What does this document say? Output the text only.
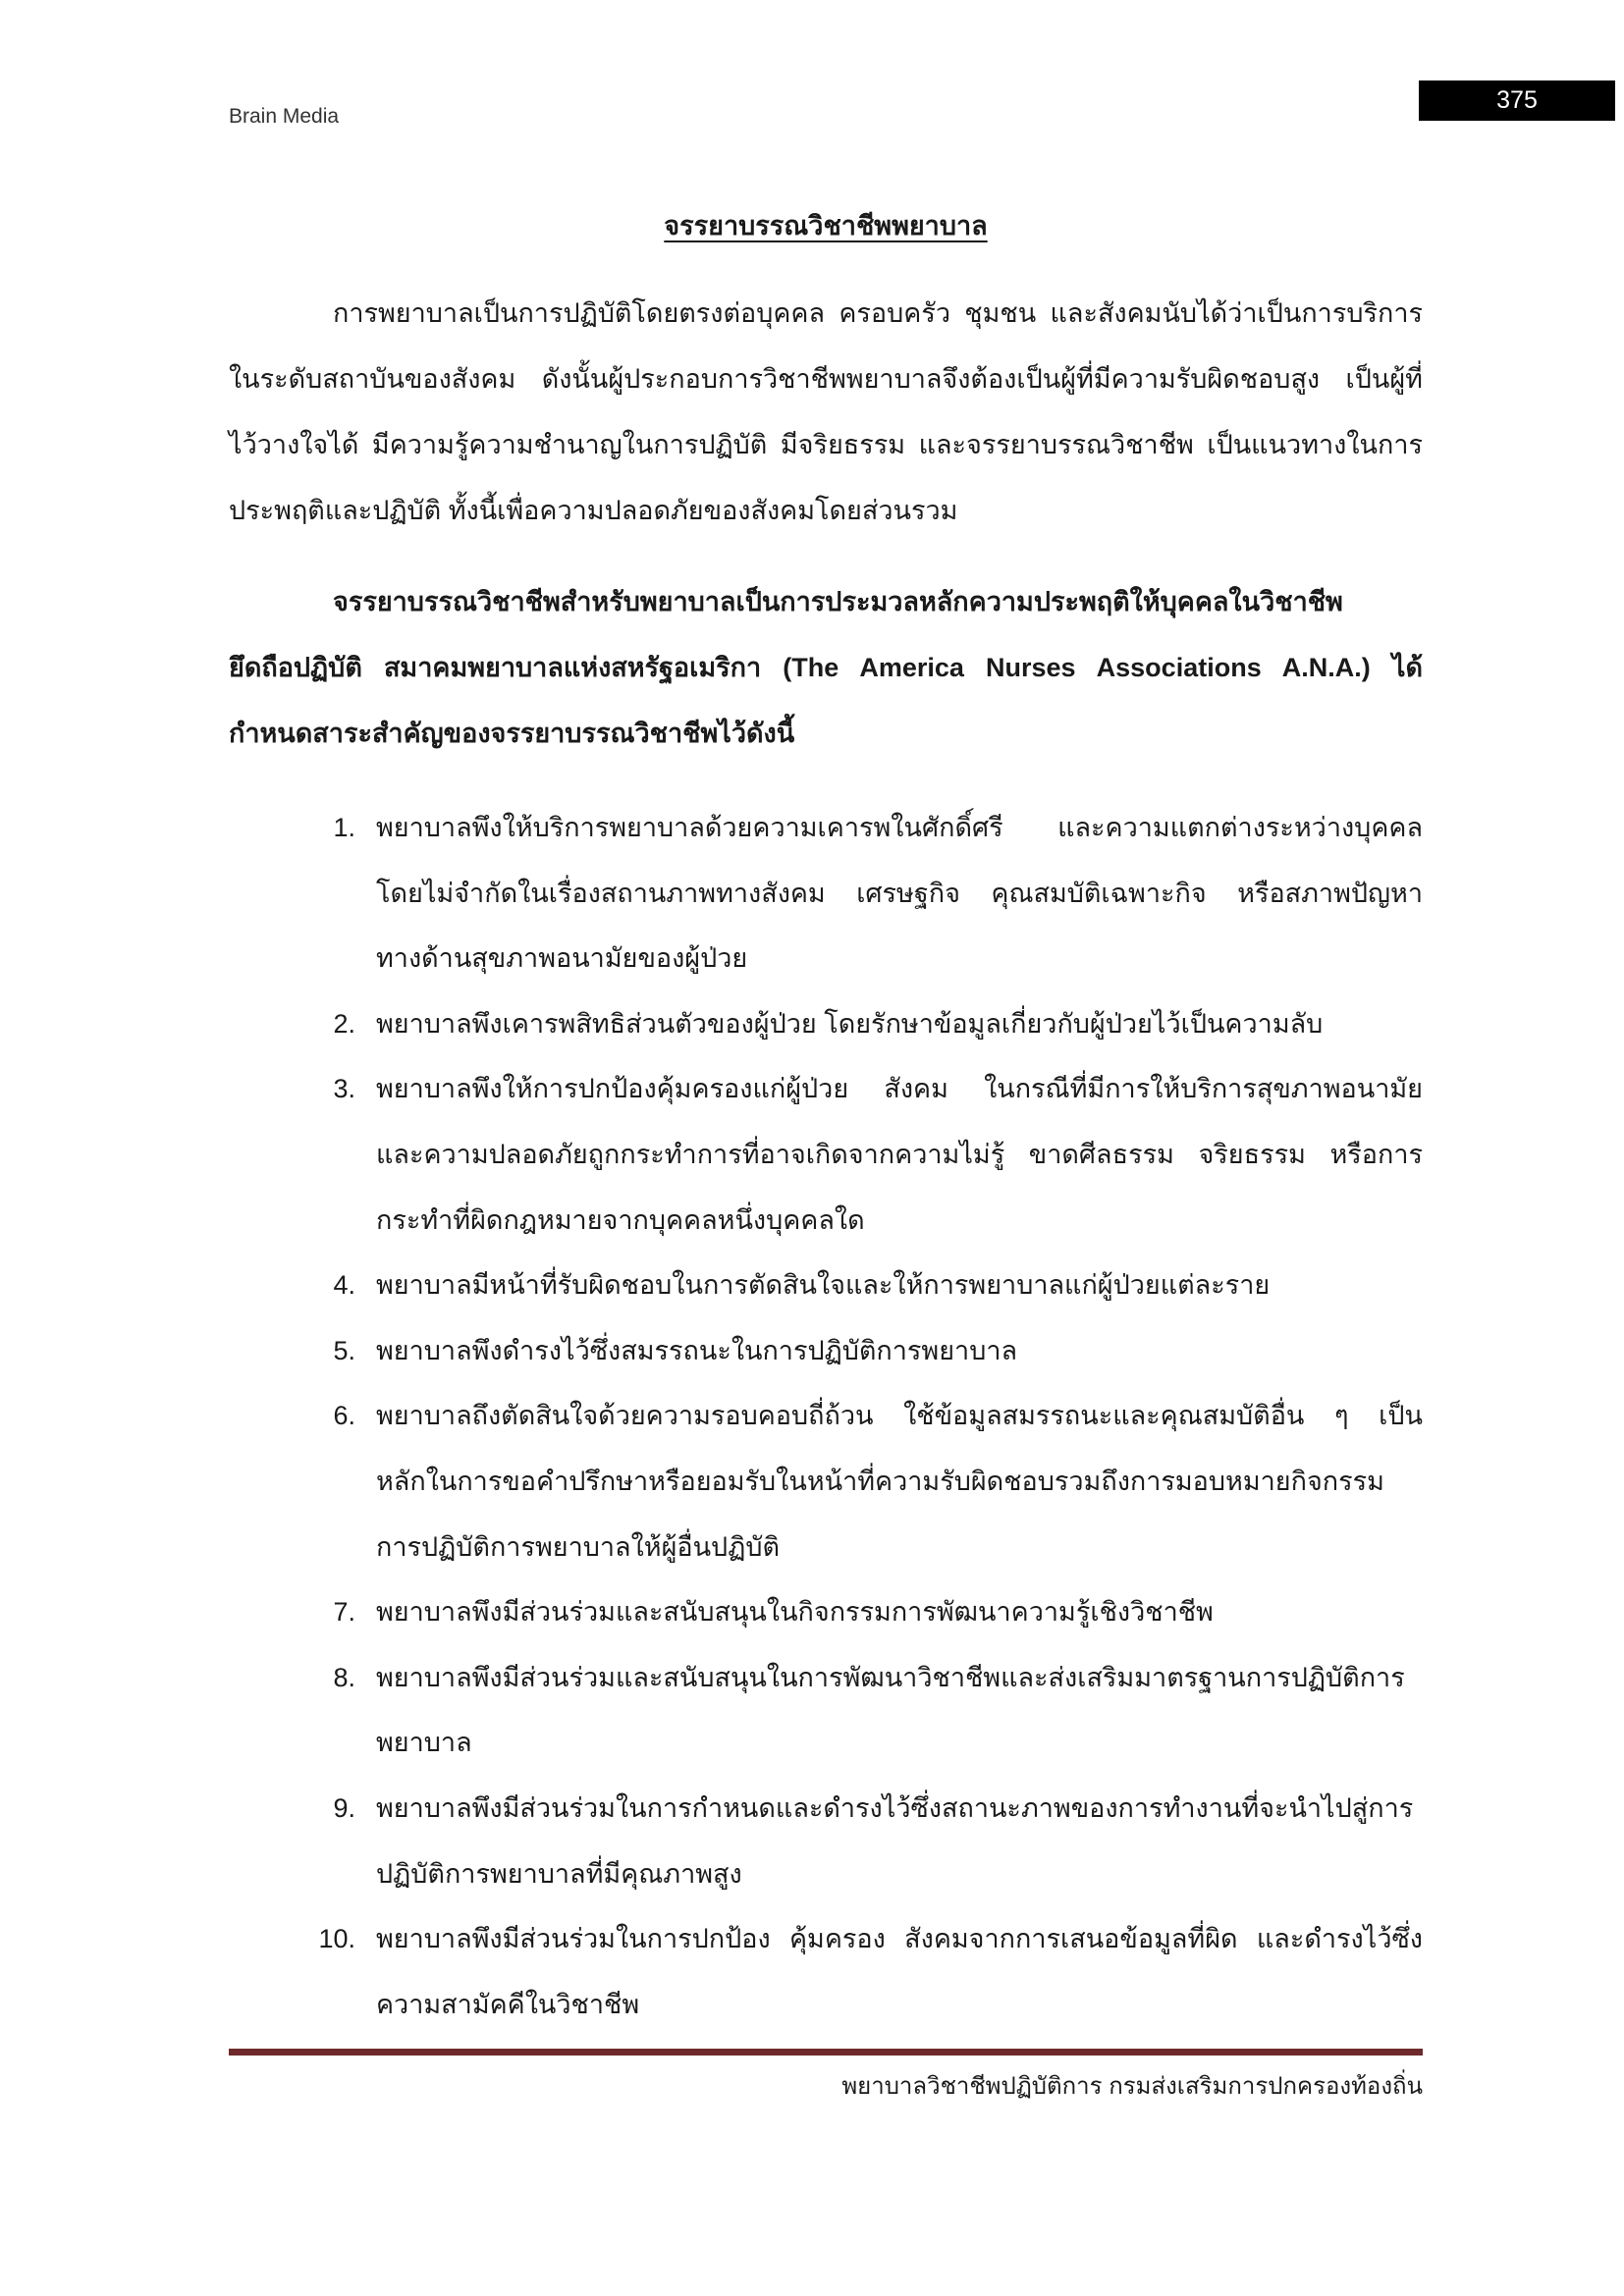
Brain Media
375
จรรยาบรรณวิชาชีพพยาบาล
การพยาบาลเป็นการปฏิบัติโดยตรงต่อบุคคล ครอบครัว ชุมชน และสังคมนับได้ว่าเป็นการบริการ
ในระดับสถาบันของสังคม ดังนั้นผู้ประกอบการวิชาชีพพยาบาลจึงต้องเป็นผู้ที่มีความรับผิดชอบสูง เป็นผู้ที่
ไว้วางใจได้ มีความรู้ความชำนาญในการปฏิบัติ มีจริยธรรม และจรรยาบรรณวิชาชีพ เป็นแนวทางในการ
ประพฤติและปฏิบัติ ทั้งนี้เพื่อความปลอดภัยของสังคมโดยส่วนรวม
จรรยาบรรณวิชาชีพสำหรับพยาบาลเป็นการประมวลหลักความประพฤติให้บุคคลในวิชาชีพ
ยึดถือปฏิบัติ สมาคมพยาบาลแห่งสหรัฐอเมริกา (The America Nurses Associations A.N.A.) ได้
กำหนดสาระสำคัญของจรรยาบรรณวิชาชีพไว้ดังนี้
1. พยาบาลพึงให้บริการพยาบาลด้วยความเคารพในศักดิ์ศรี และความแตกต่างระหว่างบุคคล
โดยไม่จำกัดในเรื่องสถานภาพทางสังคม เศรษฐกิจ คุณสมบัติเฉพาะกิจ หรือสภาพปัญหา
ทางด้านสุขภาพอนามัยของผู้ป่วย
2. พยาบาลพึงเคารพสิทธิส่วนตัวของผู้ป่วย โดยรักษาข้อมูลเกี่ยวกับผู้ป่วยไว้เป็นความลับ
3. พยาบาลพึงให้การปกป้องคุ้มครองแก่ผู้ป่วย สังคม ในกรณีที่มีการให้บริการสุขภาพอนามัย
และความปลอดภัยถูกกระทำการที่อาจเกิดจากความไม่รู้ ขาดศีลธรรม จริยธรรม หรือการ
กระทำที่ผิดกฎหมายจากบุคคลหนึ่งบุคคลใด
4. พยาบาลมีหน้าที่รับผิดชอบในการตัดสินใจและให้การพยาบาลแก่ผู้ป่วยแต่ละราย
5. พยาบาลพึงดำรงไว้ซึ่งสมรรถนะในการปฏิบัติการพยาบาล
6. พยาบาลถึงตัดสินใจด้วยความรอบคอบถี่ถ้วน ใช้ข้อมูลสมรรถนะและคุณสมบัติอื่น ๆ เป็น
หลักในการขอคำปรึกษาหรือยอมรับในหน้าที่ความรับผิดชอบรวมถึงการมอบหมายกิจกรรม
การปฏิบัติการพยาบาลให้ผู้อื่นปฏิบัติ
7. พยาบาลพึงมีส่วนร่วมและสนับสนุนในกิจกรรมการพัฒนาความรู้เชิงวิชาชีพ
8. พยาบาลพึงมีส่วนร่วมและสนับสนุนในการพัฒนาวิชาชีพและส่งเสริมมาตรฐานการปฏิบัติการ
พยาบาล
9. พยาบาลพึงมีส่วนร่วมในการกำหนดและดำรงไว้ซึ่งสถานะภาพของการทำงานที่จะนำไปสู่การ
ปฏิบัติการพยาบาลที่มีคุณภาพสูง
10. พยาบาลพึงมีส่วนร่วมในการปกป้อง คุ้มครอง สังคมจากการเสนอข้อมูลที่ผิด และดำรงไว้ซึ่ง
ความสามัคคีในวิชาชีพ
พยาบาลวิชาชีพปฏิบัติการ กรมส่งเสริมการปกครองท้องถิ่น
